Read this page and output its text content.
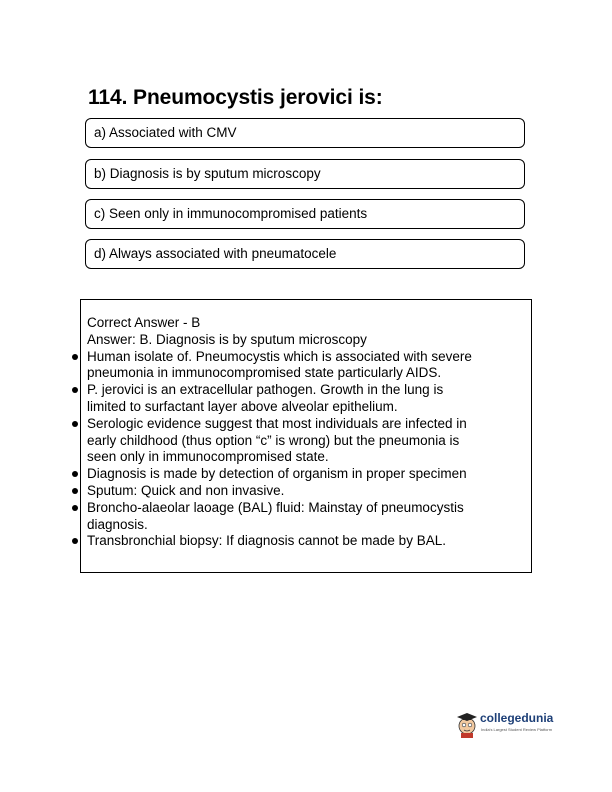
114. Pneumocystis jerovici is:
a) Associated with CMV
b) Diagnosis is by sputum microscopy
c) Seen only in immunocompromised patients
d) Always associated with pneumatocele
Correct Answer - B
Answer: B. Diagnosis is by sputum microscopy
Human isolate of. Pneumocystis which is associated with severe
pneumonia in immunocompromised state particularly AIDS.
P. jerovici is an extracellular pathogen. Growth in the lung is
limited to surfactant layer above alveolar epithelium.
Serologic evidence suggest that most individuals are infected in
early childhood (thus option “c” is wrong) but the pneumonia is
seen only in immunocompromised state.
Diagnosis is made by detection of organism in proper specimen
Sputum: Quick and non invasive.
Broncho-alaeolar laoage (BAL) fluid: Mainstay of pneumocystis
diagnosis.
Transbronchial biopsy: If diagnosis cannot be made by BAL.
collegedunia
India's Largest Student Review Platform
